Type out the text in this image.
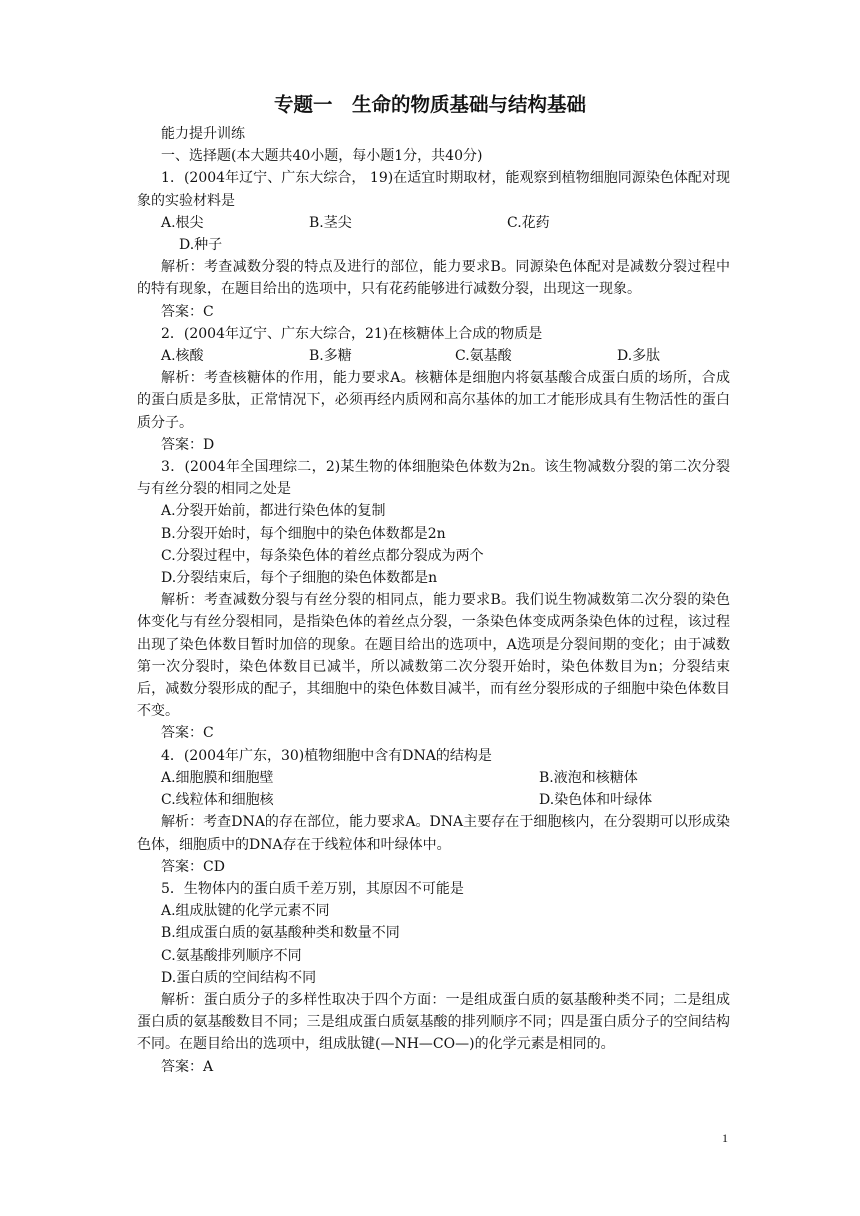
专题一　生命的物质基础与结构基础
能力提升训练
一、选择题(本大题共40小题，每小题1分，共40分)
1．(2004年辽宁、广东大综合， 19)在适宜时期取材，能观察到植物细胞同源染色体配对现象的实验材料是
A.根尖	B.茎尖	C.花药
D.种子
解析：考查减数分裂的特点及进行的部位，能力要求B。同源染色体配对是减数分裂过程中的特有现象，在题目给出的选项中，只有花药能够进行减数分裂，出现这一现象。
答案：C
2．(2004年辽宁、广东大综合，21)在核糖体上合成的物质是
A.核酸	B.多糖	C.氨基酸	D.多肽
解析：考查核糖体的作用，能力要求A。核糖体是细胞内将氨基酸合成蛋白质的场所，合成的蛋白质是多肽，正常情况下，必须再经内质网和高尔基体的加工才能形成具有生物活性的蛋白质分子。
答案：D
3．(2004年全国理综二，2)某生物的体细胞染色体数为2n。该生物减数分裂的第二次分裂与有丝分裂的相同之处是
A.分裂开始前，都进行染色体的复制
B.分裂开始时，每个细胞中的染色体数都是2n
C.分裂过程中，每条染色体的着丝点都分裂成为两个
D.分裂结束后，每个子细胞的染色体数都是n
解析：考查减数分裂与有丝分裂的相同点，能力要求B。我们说生物减数第二次分裂的染色体变化与有丝分裂相同，是指染色体的着丝点分裂，一条染色体变成两条染色体的过程，该过程出现了染色体数目暂时加倍的现象。在题目给出的选项中，A选项是分裂间期的变化；由于减数第一次分裂时，染色体数目已减半，所以减数第二次分裂开始时，染色体数目为n；分裂结束后，减数分裂形成的配子，其细胞中的染色体数目减半，而有丝分裂形成的子细胞中染色体数目不变。
答案：C
4．(2004年广东，30)植物细胞中含有DNA的结构是
A.细胞膜和细胞壁	B.液泡和核糖体
C.线粒体和细胞核	D.染色体和叶绿体
解析：考查DNA的存在部位，能力要求A。DNA主要存在于细胞核内，在分裂期可以形成染色体，细胞质中的DNA存在于线粒体和叶绿体中。
答案：CD
5．生物体内的蛋白质千差万别，其原因不可能是
A.组成肽键的化学元素不同
B.组成蛋白质的氨基酸种类和数量不同
C.氨基酸排列顺序不同
D.蛋白质的空间结构不同
解析：蛋白质分子的多样性取决于四个方面：一是组成蛋白质的氨基酸种类不同；二是组成蛋白质的氨基酸数目不同；三是组成蛋白质氨基酸的排列顺序不同；四是蛋白质分子的空间结构不同。在题目给出的选项中，组成肽键(—NH—CO—)的化学元素是相同的。
答案：A
1
